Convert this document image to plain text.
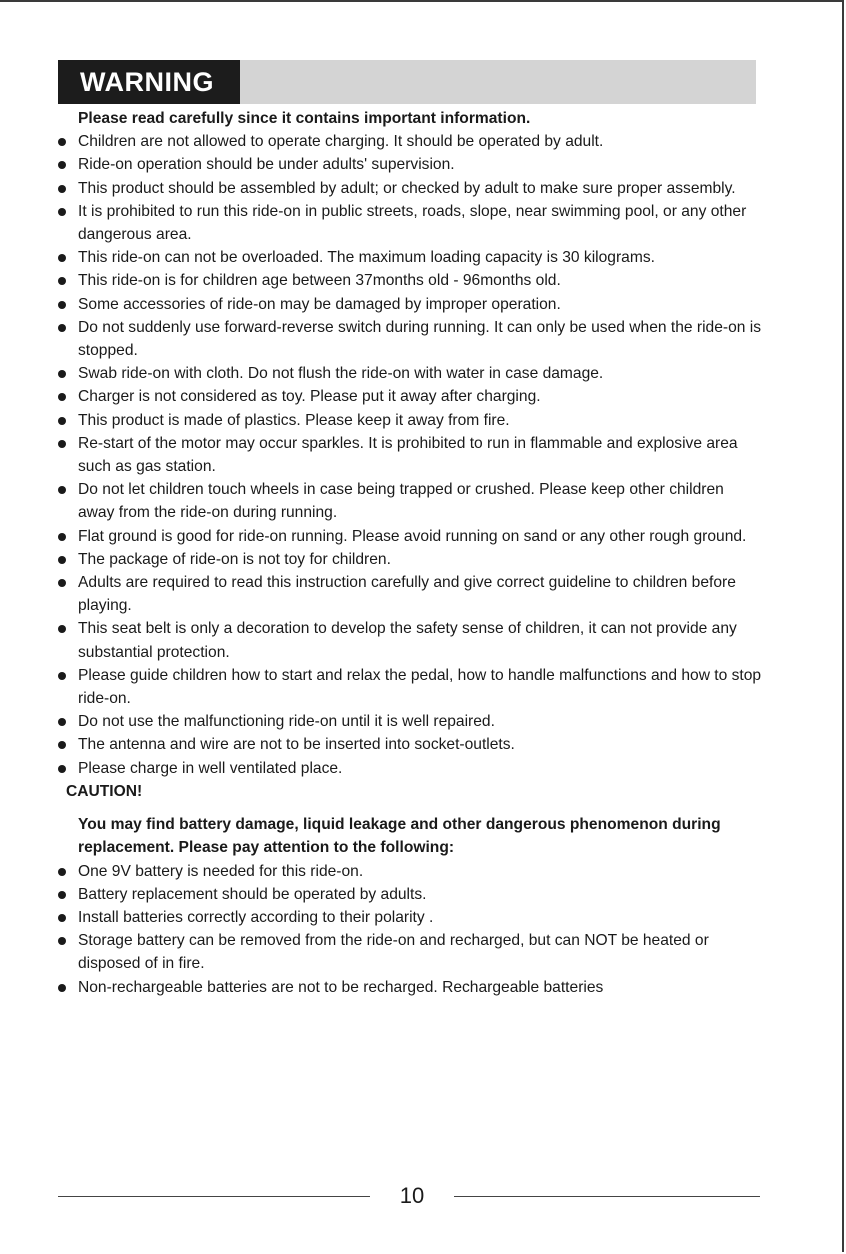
WARNING
Please read carefully since it contains important information.
Children are not allowed to operate charging. It should be operated by adult.
Ride-on operation should be under adults' supervision.
This product should be assembled by adult; or checked by adult to make sure proper assembly.
It is prohibited to run this ride-on in public streets, roads, slope, near swimming pool, or any other dangerous area.
This ride-on can not be overloaded. The maximum loading capacity is 30 kilograms.
This ride-on is for children age between 37months old - 96months old.
Some accessories of ride-on may be damaged by improper operation.
Do not suddenly use forward-reverse switch during running. It can only be used when the ride-on is stopped.
Swab ride-on with cloth. Do not flush the ride-on with water in case damage.
Charger is not considered as toy. Please put it away after charging.
This product is made of plastics. Please keep it away from fire.
Re-start of the motor may occur sparkles. It is prohibited to run in flammable and explosive area such as gas station.
Do not let children touch wheels in case being trapped or crushed. Please keep other children away from the ride-on during running.
Flat ground is good for ride-on running. Please avoid running on sand or any other rough ground.
The package of ride-on is not toy for children.
Adults are required to read this instruction carefully and give correct guideline to children before playing.
This seat belt is only a decoration to develop the safety sense of children, it can not provide any substantial protection.
Please guide children how to start and relax the pedal, how to handle malfunctions and how to stop ride-on.
Do not use the malfunctioning ride-on until it is well repaired.
The antenna and wire are not to be inserted into socket-outlets.
Please charge in well ventilated place.
CAUTION!
You may find battery damage, liquid leakage and other dangerous phenomenon during replacement. Please pay attention to the following:
One 9V battery is needed for this ride-on.
Battery replacement should be operated by adults.
Install batteries correctly according to their polarity .
Storage battery can be removed from the ride-on and recharged, but can NOT be heated or disposed of in fire.
Non-rechargeable batteries are not to be recharged. Rechargeable batteries
10
